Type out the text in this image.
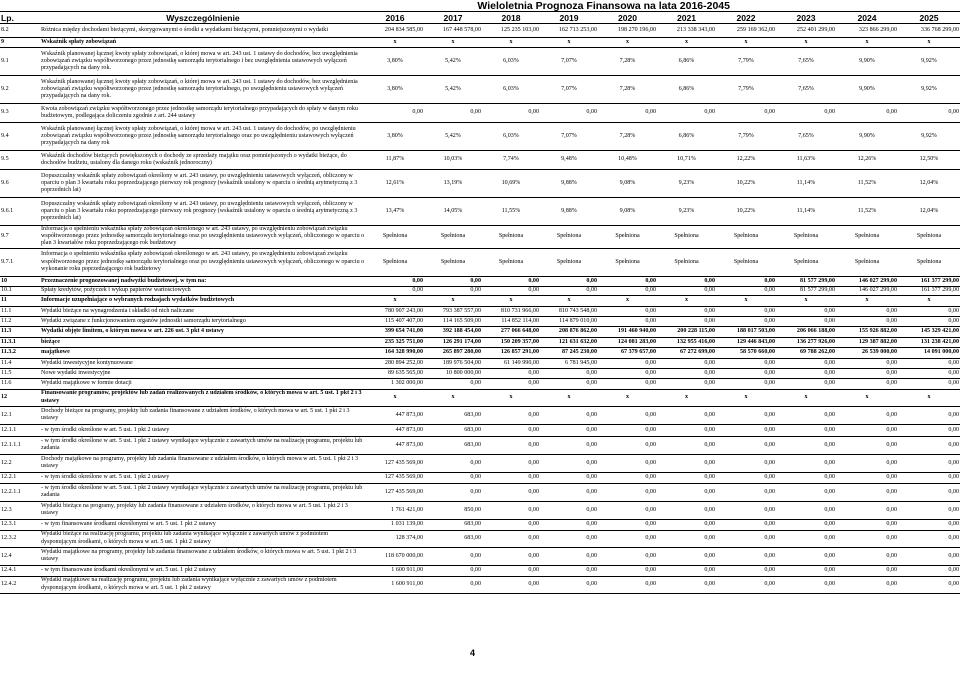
Wieloletnia Prognoza Finansowa na lata 2016-2045
Lp.	Wyszczególnienie	2016	2017	2018	2019	2020	2021	2022	2023	2024	2025
8.2	Różnica między dochodami bieżącymi, skorygowanymi o środki a wydatkami bieżącymi, pomniejszonymi o wydatki	204 834 585,00	167 448 578,00	125 235 103,00	162 713 253,00	198 270 196,00	213 338 343,00	259 169 362,00	252 401 299,00	323 866 299,00	336 768 299,00
9	Wskaźnik spłaty zobowiązań	x	x	x	x	x	x	x	x	x	x
9.1	Wskaźnik planowanej łącznej kwoty spłaty zobowiązań, o której mowa w art. 243 ust. 1 ustawy do dochodów, bez uwzględnienia zobowiązań związku współtworzonego przez jednostkę samorządu terytorialnego i bez uwzględnienia ustawowych wyłączeń przypadających na dany rok.	3,80%	5,42%	6,03%	7,07%	7,28%	6,86%	7,79%	7,65%	9,90%	9,92%
9.2	Wskaźnik planowanej łącznej kwoty spłaty zobowiązań, o której mowa w art. 243 ust. 1 ustawy do dochodów, bez uwzględnienia zobowiązań związku współtworzonego przez jednostkę samorządu terytorialnego, po uwzględnieniu ustawowych wyłączeń przypadających na dany rok.	3,80%	5,42%	6,03%	7,07%	7,28%	6,86%	7,79%	7,65%	9,90%	9,92%
9.3	Kwota zobowiązań związku współtworzonego przez jednostkę samorządu terytorialnego przypadających do spłaty w danym roku budżetowym, podlegająca doliczeniu zgodnie z art. 244 ustawy	0,00	0,00	0,00	0,00	0,00	0,00	0,00	0,00	0,00	0,00
9.4	Wskaźnik planowanej łącznej kwoty spłaty zobowiązań, o której mowa w art. 243 ust. 1 ustawy do dochodów, po uwzględnieniu zobowiązań związku współtworzonego przez jednostkę samorządu terytorialnego oraz po uwzględnieniu ustawowych wyłączeń przypadających na dany rok	3,80%	5,42%	6,03%	7,07%	7,28%	6,86%	7,79%	7,65%	9,90%	9,92%
9.5	Wskaźnik dochodów bieżących powiększonych o dochody ze sprzedaży majątku oraz pomniejszonych o wydatki bieżące, do dochodów budżetu, ustalony dla danego roku (wskaźnik jednoroczny)	11,87%	10,03%	7,74%	9,48%	10,48%	10,71%	12,22%	11,63%	12,26%	12,50%
9.6	Dopuszczalny wskaźnik spłaty zobowiązań określony w art. 243 ustawy, po uwzględnieniu ustawowych wyłączeń, obliczony w oparciu o plan 3 kwartału roku poprzedzającego pierwszy rok prognozy (wskaźnik ustalony w oparciu o średnią arytmetyczną z 3 poprzednich lat)	12,61%	13,19%	10,69%	9,88%	9,08%	9,23%	10,22%	11,14%	11,52%	12,04%
9.6.1	Dopuszczalny wskaźnik spłaty zobowiązań określony w art. 243 ustawy, po uwzględnieniu ustawowych wyłączeń, obliczony w oparciu o plan 3 kwartału roku poprzedzającego pierwszy rok prognozy (wskaźnik ustalony w oparciu o średnią arytmetyczną z 3 poprzednich lat)	13,47%	14,05%	11,55%	9,88%	9,08%	9,23%	10,22%	11,14%	11,52%	12,04%
9.7	Informacja o spełnieniu wskaźnika spłaty zobowiązań określonego w art. 243 ustawy, po uwzględnieniu zobowiązań związku współtworzonego przez jednostkę samorządu terytorialnego oraz po uwzględnieniu ustawowych wyłączeń, obliczonego w oparciu o plan 3 kwartałów roku poprzedzającego rok budżetowy	Spełniona	Spełniona	Spełniona	Spełniona	Spełniona	Spełniona	Spełniona	Spełniona	Spełniona	Spełniona
9.7.1	Informacja o spełnieniu wskaźnika spłaty zobowiązań określonego w art. 243 ustawy, po uwzględnieniu zobowiązań związku współtworzonego przez jednostkę samorządu terytorialnego oraz po uwzględnieniu ustawowych wyłączeń, obliczonego w oparciu o wykonanie roku poprzedzającego rok budżetowy	Spełniona	Spełniona	Spełniona	Spełniona	Spełniona	Spełniona	Spełniona	Spełniona	Spełniona	Spełniona
10	Przeznaczenie prognozowanej nadwyżki budżetowej, w tym na:	0,00	0,00	0,00	0,00	0,00	0,00	0,00	81 577 299,00	146 027 299,00	161 377 299,00
10.1	Spłaty kredytów, pożyczek i wykup papierów wartościowych	0,00	0,00	0,00	0,00	0,00	0,00	0,00	81 577 299,00	146 027 299,00	161 377 299,00
11	Informacje uzupełniające o wybranych rodzajach wydatków budżetowych	x	x	x	x	x	x	x	x	x	x
11.1	Wydatki bieżące na wynagrodzenia i składki od nich naliczane	780 907 243,00	793 387 557,00	810 731 966,00	810 743 548,00	0,00	0,00	0,00	0,00	0,00	0,00
11.2	Wydatki związane z funkcjonowaniem organów jednostki samorządu terytorialnego	115 407 407,00	114 165 509,00	114 852 114,00	114 879 010,00	0,00	0,00	0,00	0,00	0,00	0,00
11.3	Wydatki objęte limitem, o którym mowa w art. 226 ust. 3 pkt 4 ustawy	399 654 741,00	392 188 454,00	277 066 648,00	208 876 862,00	191 460 940,00	200 228 115,00	188 017 503,00	206 066 188,00	155 926 882,00	145 329 421,00
11.3.1	bieżące	235 325 751,00	126 291 174,00	150 209 357,00	121 631 632,00	124 081 283,00	132 955 416,00	129 446 843,00	136 277 926,00	129 387 882,00	131 238 421,00
11.3.2	majątkowe	164 328 990,00	265 897 280,00	126 857 291,00	87 245 230,00	67 379 657,00	67 272 699,00	58 570 660,00	69 788 262,00	26 539 000,00	14 091 000,00
11.4	Wydatki inwestycyjne kontynuowane	280 894 252,00	189 976 504,00	61 149 990,00	6 781 945,00	0,00	0,00	0,00	0,00	0,00	0,00
11.5	Nowe wydatki inwestycyjne	89 635 565,00	10 800 000,00	0,00	0,00	0,00	0,00	0,00	0,00	0,00	0,00
11.6	Wydatki majątkowe w formie dotacji	1 302 000,00	0,00	0,00	0,00	0,00	0,00	0,00	0,00	0,00	0,00
12	Finansowanie programów, projektów lub zadań realizowanych z udziałem środków, o których mowa w art. 5 ust. 1 pkt 2 i 3 ustawy	x	x	x	x	x	x	x	x	x	x
12.1	Dochody bieżące na programy, projekty lub zadania finansowane z udziałem środków, o których mowa w art. 5 ust. 1 pkt 2 i 3 ustawy	447 873,00	683,00	0,00	0,00	0,00	0,00	0,00	0,00	0,00	0,00
12.1.1	- w tym środki określone w art. 5 ust. 1 pkt 2 ustawy	447 873,00	683,00	0,00	0,00	0,00	0,00	0,00	0,00	0,00	0,00
12.1.1.1	- w tym środki określone w art. 5 ust. 1 pkt 2 ustawy wynikające wyłącznie z zawartych umów na realizację programu, projektu lub zadania	447 873,00	683,00	0,00	0,00	0,00	0,00	0,00	0,00	0,00	0,00
12.2	Dochody majątkowe na programy, projekty lub zadania finansowane z udziałem środków, o których mowa w art. 5 ust. 1 pkt 2 i 3 ustawy	127 435 569,00	0,00	0,00	0,00	0,00	0,00	0,00	0,00	0,00	0,00
12.2.1	- w tym środki określone w art. 5 ust. 1 pkt 2 ustawy	127 435 569,00	0,00	0,00	0,00	0,00	0,00	0,00	0,00	0,00	0,00
12.2.1.1	- w tym środki określone w art. 5 ust. 1 pkt 2 ustawy wynikające wyłącznie z zawartych umów na realizację programu, projektu lub zadania	127 435 569,00	0,00	0,00	0,00	0,00	0,00	0,00	0,00	0,00	0,00
12.3	Wydatki bieżące na programy, projekty lub zadania finansowane z udziałem środków, o których mowa w art. 5 ust. 1 pkt 2 i 3 ustawy	1 761 421,00	850,00	0,00	0,00	0,00	0,00	0,00	0,00	0,00	0,00
12.3.1	- w tym finansowane środkami określonymi w art. 5 ust. 1 pkt 2 ustawy	1 031 139,00	683,00	0,00	0,00	0,00	0,00	0,00	0,00	0,00	0,00
12.3.2	Wydatki bieżące na realizację programu, projektu lub zadania wynikające wyłącznie z zawartych umów z podmiotem dysponującym środkami, o których mowa w art. 5 ust. 1 pkt 2 ustawy	128 374,00	683,00	0,00	0,00	0,00	0,00	0,00	0,00	0,00	0,00
12.4	Wydatki majątkowe na programy, projekty lub zadania finansowane z udziałem środków, o których mowa w art. 5 ust. 1 pkt 2 i 3 ustawy	118 670 000,00	0,00	0,00	0,00	0,00	0,00	0,00	0,00	0,00	0,00
12.4.1	- w tym finansowane środkami określonymi w art. 5 ust. 1 pkt 2 ustawy	1 600 911,00	0,00	0,00	0,00	0,00	0,00	0,00	0,00	0,00	0,00
12.4.2	Wydatki majątkowe na realizację programu, projektu lub zadania wynikające wyłącznie z zawartych umów z podmiotem dysponującym środkami, o których mowa w art. 5 ust. 1 pkt 2 ustawy	1 600 911,00	0,00	0,00	0,00	0,00	0,00	0,00	0,00	0,00	0,00
4
